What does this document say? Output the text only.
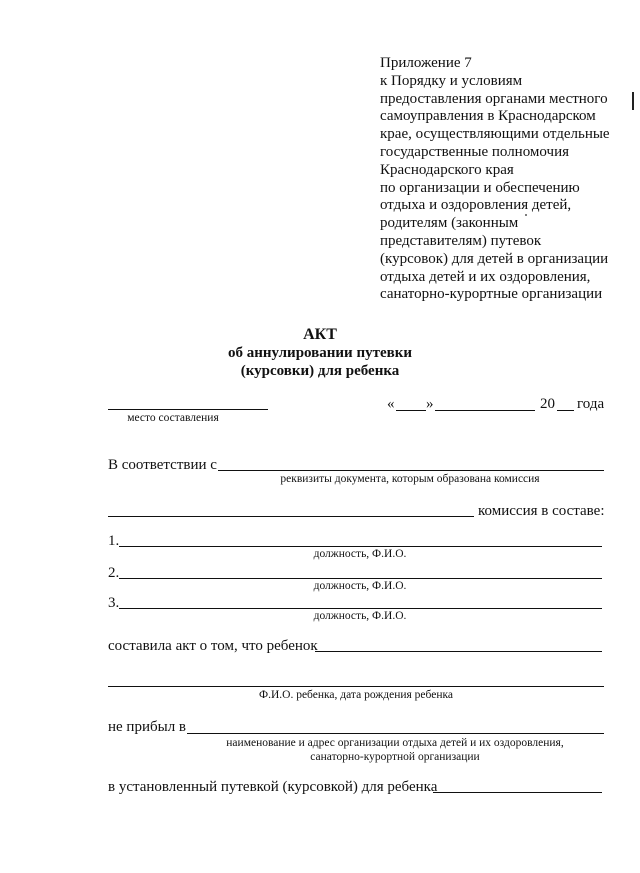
Приложение 7
к Порядку и условиям
предоставления органами местного
самоуправления в Краснодарском
крае, осуществляющими отдельные
государственные полномочия
Краснодарского края
по организации и обеспечению
отдыха и оздоровления детей,
родителям (законным
представителям) путевок
(курсовок) для детей в организации
отдыха детей и их оздоровления,
санаторно-курортные организации
АКТ
об аннулировании путевки
(курсовки) для ребенка
место составления
« »	20 года
В соответствии с
реквизиты документа, которым образована комиссия
комиссия в составе:
1.
должность, Ф.И.О.
2.
должность, Ф.И.О.
3.
должность, Ф.И.О.
составила акт о том, что ребенок
Ф.И.О. ребенка, дата рождения ребенка
не прибыл в
наименование и адрес организации отдыха детей и их оздоровления,
санаторно-курортной организации
в установленный путевкой (курсовкой) для ребенка
